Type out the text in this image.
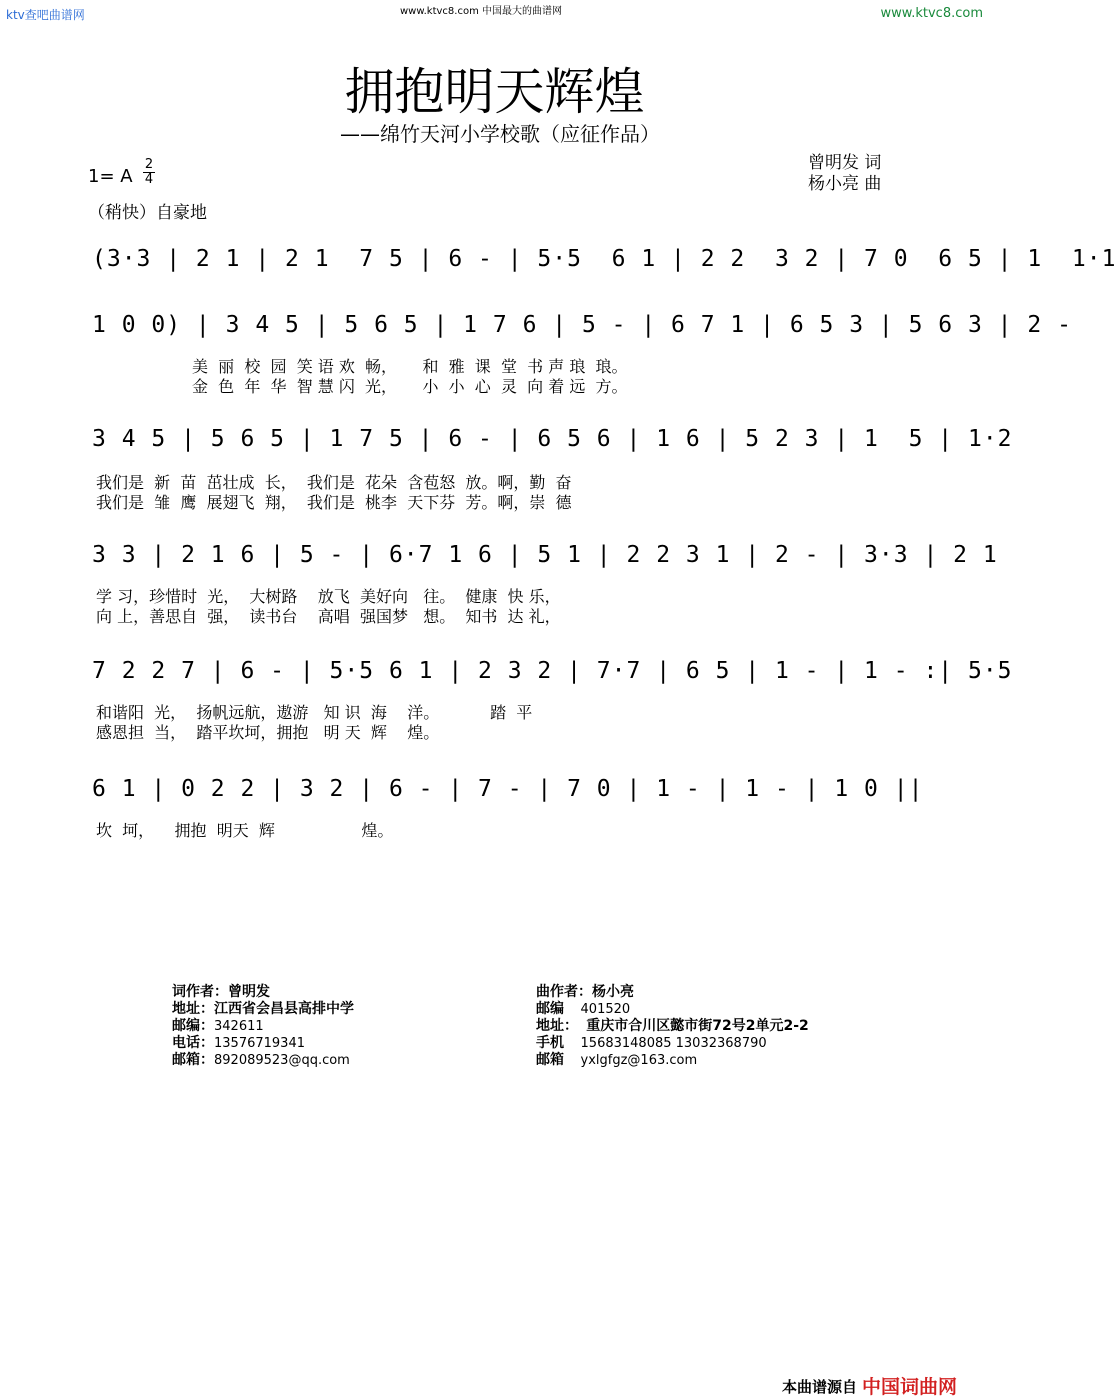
ktv查吧曲谱网	www.ktvc8.com 中国最大的曲谱网	www.ktvc8.com
拥抱明天辉煌
——绵竹天河小学校歌（应征作品）
曾明发 词
杨小亮 曲
1= A
2
4
（稍快）自豪地
(3·3 | 2 1 | 2 1  7 5 | 6 - | 5·5  6 1 | 2 2  3 2 | 7 0  6 5 | 1  1·1
1 0 0) | 3 4 5 | 5 6 5 | 1 7 6 | 5 - | 6 7 1 | 6 5 3 | 5 6 3 | 2 -
美  丽  校  园  笑 语 欢  畅，     和  雅  课  堂  书 声 琅  琅。
金  色  年  华  智 慧 闪  光，     小  小  心  灵  向 着 远  方。
3 4 5 | 5 6 5 | 1 7 5 | 6 - | 6 5 6 | 1 6 | 5 2 3 | 1  5 | 1·2
我们是  新  苗  茁壮成  长，  我们是  花朵  含苞怒  放。啊，勤  奋
我们是  雏  鹰  展翅飞  翔，  我们是  桃李  天下芬  芳。啊，崇  德
3 3 | 2 1 6 | 5 - | 6·7 1 6 | 5 1 | 2 2 3 1 | 2 - | 3·3 | 2 1
学 习，珍惜时  光，  大树路    放飞  美好向   往。  健康  快 乐，
向 上，善思自  强，  读书台    高唱  强国梦   想。  知书  达 礼，
7 2 2 7 | 6 - | 5·5 6 1 | 2 3 2 | 7·7 | 6 5 | 1 - | 1 - :| 5·5
和谐阳  光，  扬帆远航，遨游   知 识  海    洋。          踏  平
感恩担  当，  踏平坎坷，拥抱   明 天  辉    煌。
6 1 | 0 2 2 | 3 2 | 6 - | 7 - | 7 0 | 1 - | 1 - | 1 0 ||
坎  坷，    拥抱  明天  辉                 煌。
词作者：曾明发
地址：江西省会昌县高排中学
邮编：342611
电话：13576719341
邮箱：892089523@qq.com
曲作者：杨小亮
邮编 401520
地址： 重庆市合川区懿市街72号2单元2-2
手机 15683148085 13032368790
邮箱 yxlgfgz@163.com
本曲谱源自 中国词曲网
